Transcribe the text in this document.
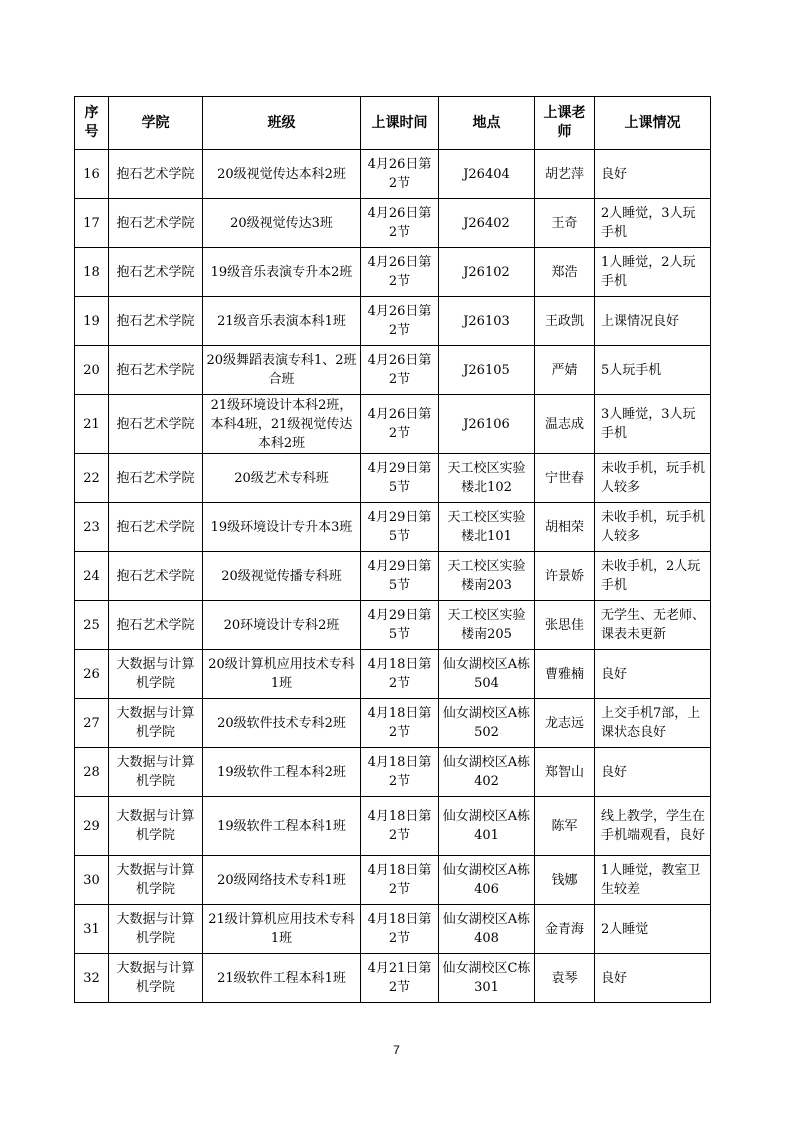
序号	学院	班级	上课时间	地点	上课老师	上课情况
16	抱石艺术学院	20级视觉传达本科2班	4月26日第2节	J26404	胡艺萍	良好
17	抱石艺术学院	20级视觉传达3班	4月26日第2节	J26402	王奇	2人睡觉，3人玩手机
18	抱石艺术学院	19级音乐表演专升本2班	4月26日第2节	J26102	郑浩	1人睡觉，2人玩手机
19	抱石艺术学院	21级音乐表演本科1班	4月26日第2节	J26103	王政凯	上课情况良好
20	抱石艺术学院	20级舞蹈表演专科1、2班合班	4月26日第2节	J26105	严婧	5人玩手机
21	抱石艺术学院	21级环境设计本科2班，本科4班，21级视觉传达本科2班	4月26日第2节	J26106	温志成	3人睡觉，3人玩手机
22	抱石艺术学院	20级艺术专科班	4月29日第5节	天工校区实验楼北102	宁世春	未收手机，玩手机人较多
23	抱石艺术学院	19级环境设计专升本3班	4月29日第5节	天工校区实验楼北101	胡相荣	未收手机，玩手机人较多
24	抱石艺术学院	20级视觉传播专科班	4月29日第5节	天工校区实验楼南203	许景娇	未收手机，2人玩手机
25	抱石艺术学院	20环境设计专科2班	4月29日第5节	天工校区实验楼南205	张思佳	无学生、无老师、课表未更新
26	大数据与计算机学院	20级计算机应用技术专科1班	4月18日第2节	仙女湖校区A栋504	曹雅楠	良好
27	大数据与计算机学院	20级软件技术专科2班	4月18日第2节	仙女湖校区A栋502	龙志远	上交手机7部，上课状态良好
28	大数据与计算机学院	19级软件工程本科2班	4月18日第2节	仙女湖校区A栋402	郑智山	良好
29	大数据与计算机学院	19级软件工程本科1班	4月18日第2节	仙女湖校区A栋401	陈军	线上教学，学生在手机端观看，良好
30	大数据与计算机学院	20级网络技术专科1班	4月18日第2节	仙女湖校区A栋406	钱娜	1人睡觉，教室卫生较差
31	大数据与计算机学院	21级计算机应用技术专科1班	4月18日第2节	仙女湖校区A栋408	金青海	2人睡觉
32	大数据与计算机学院	21级软件工程本科1班	4月21日第2节	仙女湖校区C栋301	袁琴	良好
7
